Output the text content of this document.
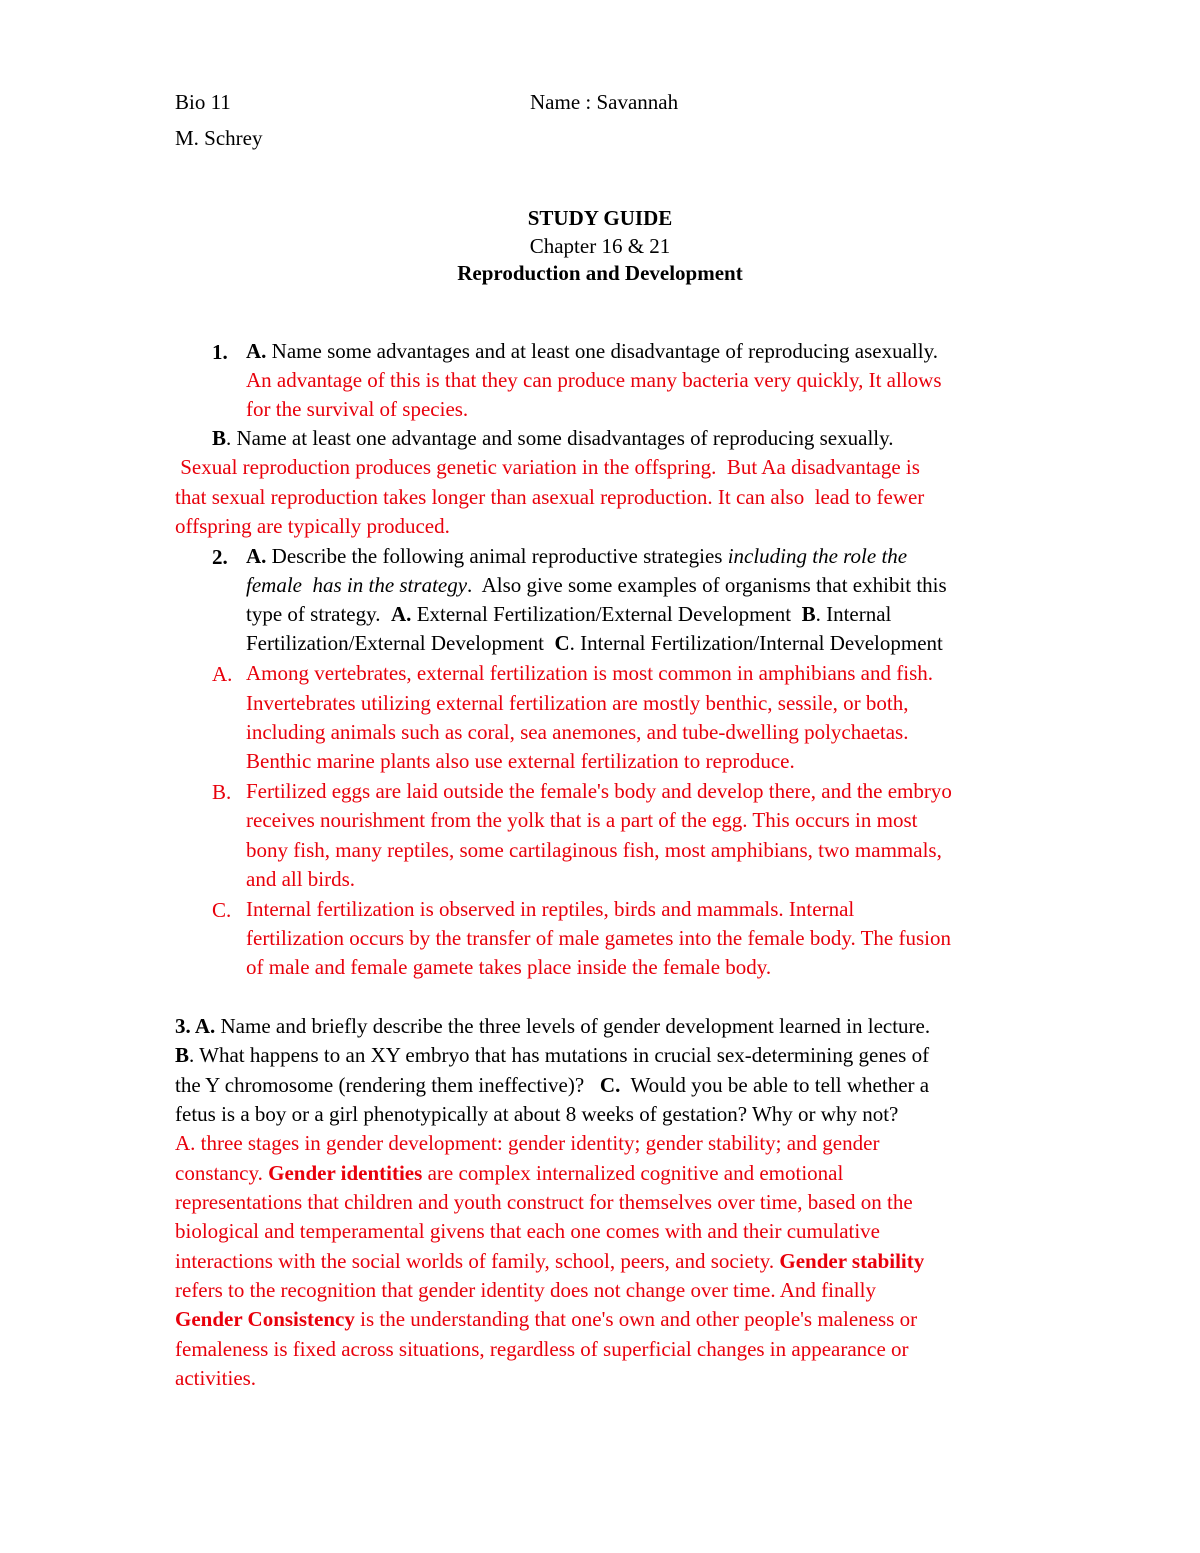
Bio 11
M. Schrey
Name : Savannah
STUDY GUIDE
Chapter 16 & 21
Reproduction and Development
1. A. Name some advantages and at least one disadvantage of reproducing asexually.
An advantage of this is that they can produce many bacteria very quickly, It allows
for the survival of species.
B. Name at least one advantage and some disadvantages of reproducing sexually.
Sexual reproduction produces genetic variation in the offspring.  But Aa disadvantage is
that sexual reproduction takes longer than asexual reproduction. It can also  lead to fewer
offspring are typically produced.
2. A. Describe the following animal reproductive strategies including the role the
female  has in the strategy.  Also give some examples of organisms that exhibit this
type of strategy.  A. External Fertilization/External Development  B. Internal
Fertilization/External Development  C. Internal Fertilization/Internal Development
A. Among vertebrates, external fertilization is most common in amphibians and fish.
Invertebrates utilizing external fertilization are mostly benthic, sessile, or both,
including animals such as coral, sea anemones, and tube-dwelling polychaetas.
Benthic marine plants also use external fertilization to reproduce.
B. Fertilized eggs are laid outside the female's body and develop there, and the embryo
receives nourishment from the yolk that is a part of the egg. This occurs in most
bony fish, many reptiles, some cartilaginous fish, most amphibians, two mammals,
and all birds.
C. Internal fertilization is observed in reptiles, birds and mammals. Internal
fertilization occurs by the transfer of male gametes into the female body. The fusion
of male and female gamete takes place inside the female body.
3. A. Name and briefly describe the three levels of gender development learned in lecture.
B. What happens to an XY embryo that has mutations in crucial sex-determining genes of
the Y chromosome (rendering them ineffective)?   C.  Would you be able to tell whether a
fetus is a boy or a girl phenotypically at about 8 weeks of gestation? Why or why not?
A. three stages in gender development: gender identity; gender stability; and gender
constancy. Gender identities are complex internalized cognitive and emotional
representations that children and youth construct for themselves over time, based on the
biological and temperamental givens that each one comes with and their cumulative
interactions with the social worlds of family, school, peers, and society. Gender stability
refers to the recognition that gender identity does not change over time. And finally
Gender Consistency is the understanding that one's own and other people's maleness or
femaleness is fixed across situations, regardless of superficial changes in appearance or
activities.
